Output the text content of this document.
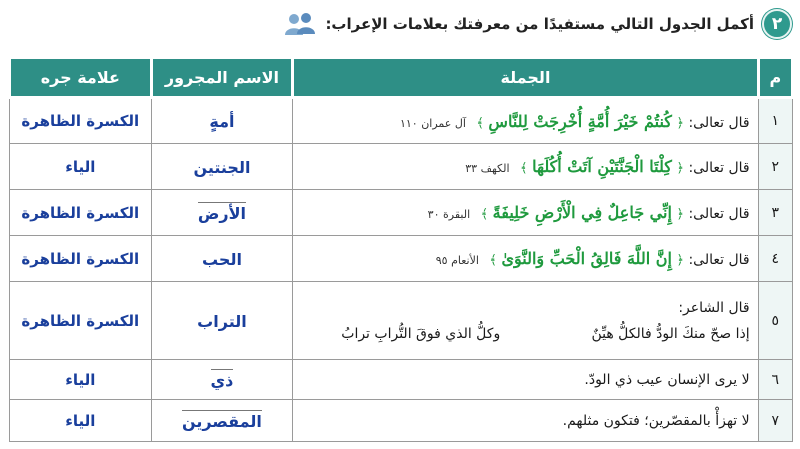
٢
أكمل الجدول التالي مستفيدًا من معرفتك بعلامات الإعراب:
م	الجملة	الاسم المجرور	علامة جره
١	قال تعالى: ﴿ كُنتُمْ خَيْرَ أُمَّةٍ أُخْرِجَتْ لِلنَّاسِ ﴾ آل عمران ١١٠	أمةٍ	الكسرة الظاهرة
٢	قال تعالى: ﴿ كِلْتَا الْجَنَّتَيْنِ آتَتْ أُكُلَهَا ﴾ الكهف ٣٣	الجنتين	الياء
٣	قال تعالى: ﴿ إِنِّي جَاعِلٌ فِي الْأَرْضِ خَلِيفَةً ﴾ البقرة ٣٠	الأرض	الكسرة الظاهرة
٤	قال تعالى: ﴿ إِنَّ اللَّهَ فَالِقُ الْحَبِّ وَالنَّوَىٰ ﴾ الأنعام ٩٥	الحب	الكسرة الظاهرة
٥	قال الشاعر:
إذا صحّ منكَ الودُّ فالكلُّ هيِّنٌ
وكلُّ الذي فوقَ التُّرابِ ترابُ	التراب	الكسرة الظاهرة
٦	لا يرى الإنسان عيب ذي الودّ.	ذي	الياء
٧	لا تهزأْ بالمقصّرين؛ فتكون مثلهم.	المقصرين	الياء
